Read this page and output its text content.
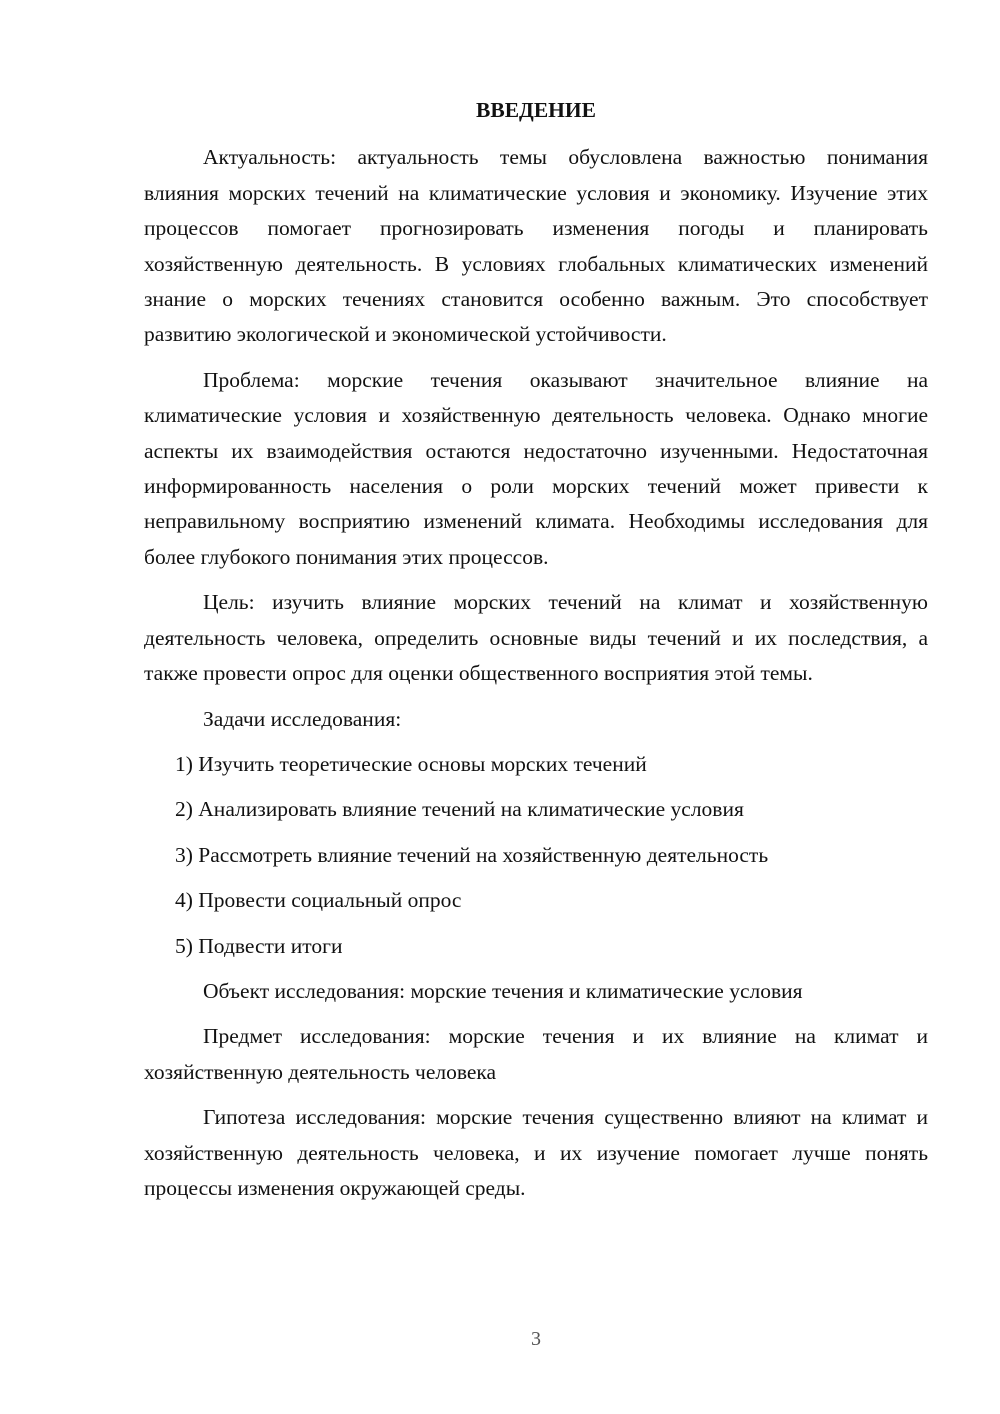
ВВЕДЕНИЕ

Актуальность: актуальность темы обусловлена важностью понимания влияния морских течений на климатические условия и экономику. Изучение этих процессов помогает прогнозировать изменения погоды и планировать хозяйственную деятельность. В условиях глобальных климатических изменений знание о морских течениях становится особенно важным. Это способствует развитию экологической и экономической устойчивости.

Проблема: морские течения оказывают значительное влияние на климатические условия и хозяйственную деятельность человека. Однако многие аспекты их взаимодействия остаются недостаточно изученными. Недостаточная информированность населения о роли морских течений может привести к неправильному восприятию изменений климата. Необходимы исследования для более глубокого понимания этих процессов.

Цель: изучить влияние морских течений на климат и хозяйственную деятельность человека, определить основные виды течений и их последствия, а также провести опрос для оценки общественного восприятия этой темы.

Задачи исследования:

1) Изучить теоретические основы морских течений
2) Анализировать влияние течений на климатические условия
3) Рассмотреть влияние течений на хозяйственную деятельность
4) Провести социальный опрос
5) Подвести итоги

Объект исследования: морские течения и климатические условия

Предмет исследования: морские течения и их влияние на климат и хозяйственную деятельность человека

Гипотеза исследования: морские течения существенно влияют на климат и хозяйственную деятельность человека, и их изучение помогает лучше понять процессы изменения окружающей среды.

3
